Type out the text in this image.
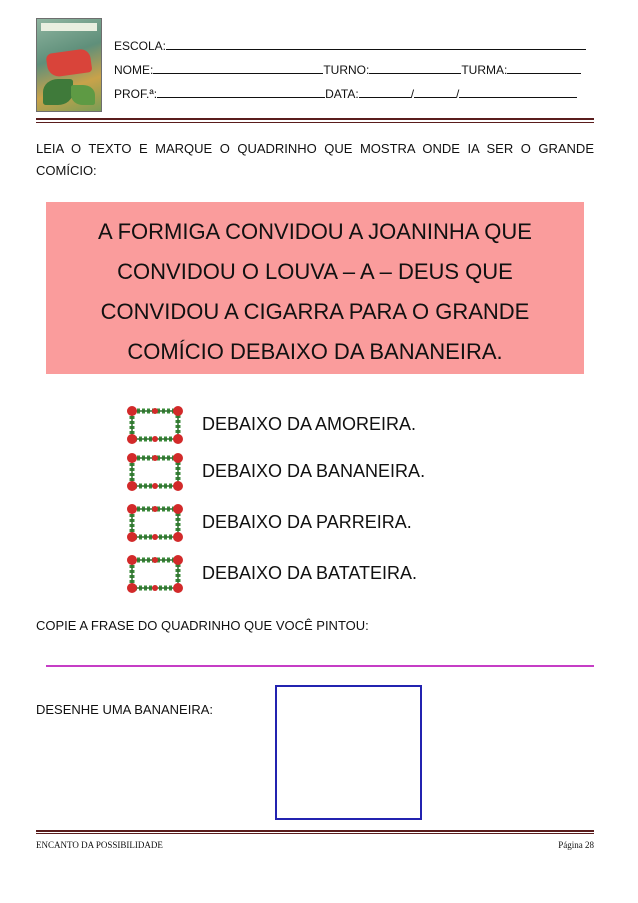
ESCOLA:
NOME:	TURNO:	TURMA:
PROF.ª:	DATA:	/	/
LEIA O TEXTO E MARQUE O QUADRINHO QUE MOSTRA ONDE IA SER O GRANDE COMÍCIO:
A FORMIGA CONVIDOU A JOANINHA QUE
CONVIDOU O LOUVA – A – DEUS QUE
CONVIDOU A CIGARRA PARA O GRANDE
COMÍCIO DEBAIXO DA BANANEIRA.
DEBAIXO DA AMOREIRA.
DEBAIXO DA BANANEIRA.
DEBAIXO DA PARREIRA.
DEBAIXO DA BATATEIRA.
COPIE A FRASE DO QUADRINHO QUE VOCÊ PINTOU:
DESENHE UMA BANANEIRA:
ENCANTO DA POSSIBILIDADE	Página 28
